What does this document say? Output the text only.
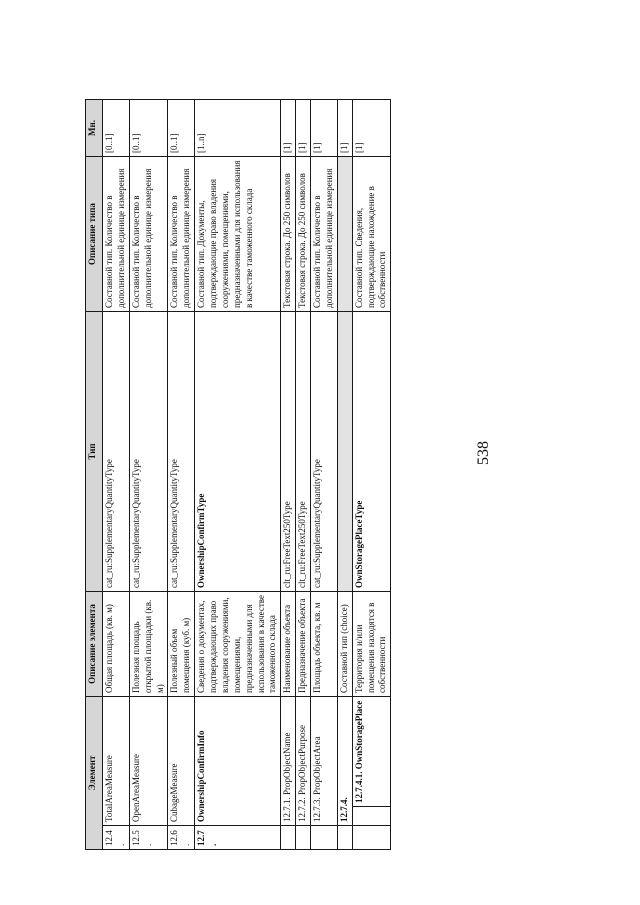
538
Элемент			Описание элемента	Тип	Описание типа	Мн.
12.4.	TotalAreaMeasure		Общая площадь (кв. м)	cat_ru:SupplementaryQuantityType	Составной тип. Количество в дополнительной единице измерения	[0..1]
12.5.	OpenAreaMeasure		Полезная площадь открытой площадки (кв. м)	cat_ru:SupplementaryQuantityType	Составной тип. Количество в дополнительной единице измерения	[0..1]
12.6.	CubageMeasure		Полезный объем помещения (куб. м)	cat_ru:SupplementaryQuantityType	Составной тип. Количество в дополнительной единице измерения	[0..1]
12.7.	OwnershipConfirmInfo		Сведения о документах, подтверждающих право владения сооружениями, помещениями, предназначенными для использования в качестве таможенного склада	OwnershipConfirmType	Составной тип. Документы, подтверждающие право владения сооружениями, помещениями, предназначенными для использования в качестве таможенного склада	[1..n]
	12.7.1. PropObjectName		Наименование объекта	clt_ru:FreeText250Type	Текстовая строка. До 250 символов	[1]
	12.7.2. PropObjectPurpose		Предназначение объекта	clt_ru:FreeText250Type	Текстовая строка. До 250 символов	[1]
	12.7.3. PropObjectArea		Площадь объекта, кв. м	cat_ru:SupplementaryQuantityType	Составной тип. Количество в дополнительной единице измерения	[1]
	12.7.4.		Составной тип (choice)			[1]
		12.7.4.1. OwnStoragePlace	Территория и/или помещения находятся в собственности	OwnStoragePlaceType	Составной тип. Сведения, подтверждающие нахождение в собственности	[1]
